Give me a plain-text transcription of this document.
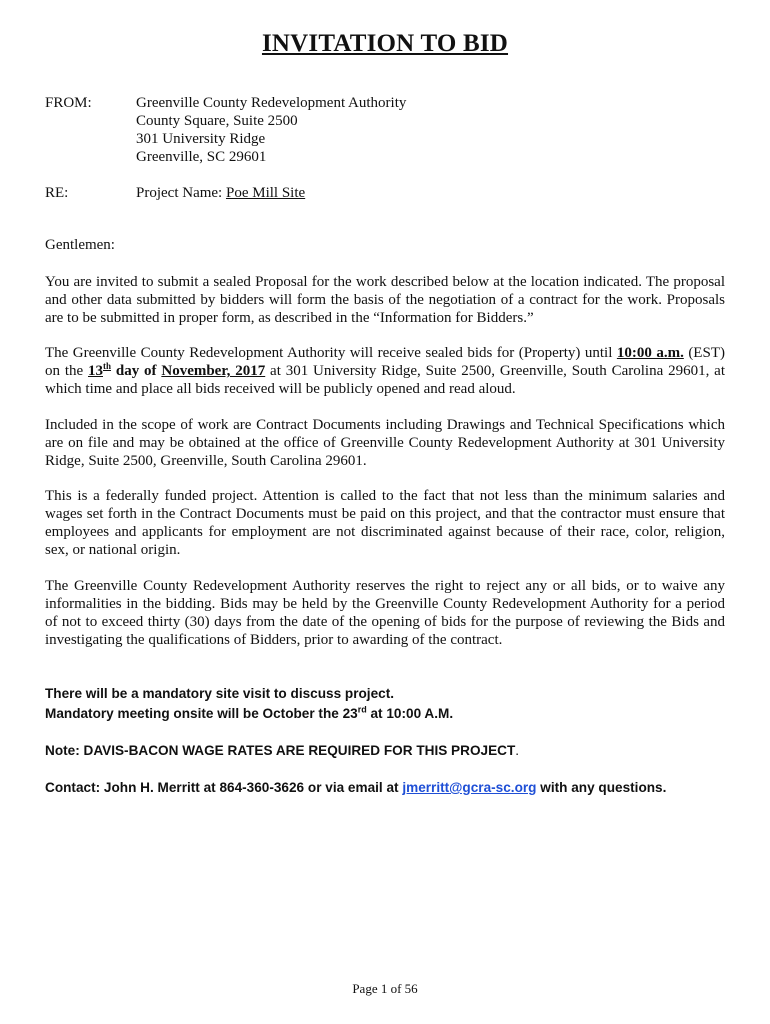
INVITATION TO BID
FROM:	Greenville County Redevelopment Authority
County Square, Suite 2500
301 University Ridge
Greenville, SC 29601
RE:	Project Name: Poe Mill Site
Gentlemen:
You are invited to submit a sealed Proposal for the work described below at the location indicated. The proposal and other data submitted by bidders will form the basis of the negotiation of a contract for the work. Proposals are to be submitted in proper form, as described in the “Information for Bidders.”
The Greenville County Redevelopment Authority will receive sealed bids for (Property) until 10:00 a.m. (EST) on the 13th day of November, 2017 at 301 University Ridge, Suite 2500, Greenville, South Carolina 29601, at which time and place all bids received will be publicly opened and read aloud.
Included in the scope of work are Contract Documents including Drawings and Technical Specifications which are on file and may be obtained at the office of Greenville County Redevelopment Authority at 301 University Ridge, Suite 2500, Greenville, South Carolina 29601.
This is a federally funded project. Attention is called to the fact that not less than the minimum salaries and wages set forth in the Contract Documents must be paid on this project, and that the contractor must ensure that employees and applicants for employment are not discriminated against because of their race, color, religion, sex, or national origin.
The Greenville County Redevelopment Authority reserves the right to reject any or all bids, or to waive any informalities in the bidding. Bids may be held by the Greenville County Redevelopment Authority for a period of not to exceed thirty (30) days from the date of the opening of bids for the purpose of reviewing the Bids and investigating the qualifications of Bidders, prior to awarding of the contract.
There will be a mandatory site visit to discuss project.
Mandatory meeting onsite will be October the 23rd at 10:00 A.M.
Note: DAVIS-BACON WAGE RATES ARE REQUIRED FOR THIS PROJECT.
Contact: John H. Merritt at 864-360-3626 or via email at jmerritt@gcra-sc.org with any questions.
Page 1 of 56
